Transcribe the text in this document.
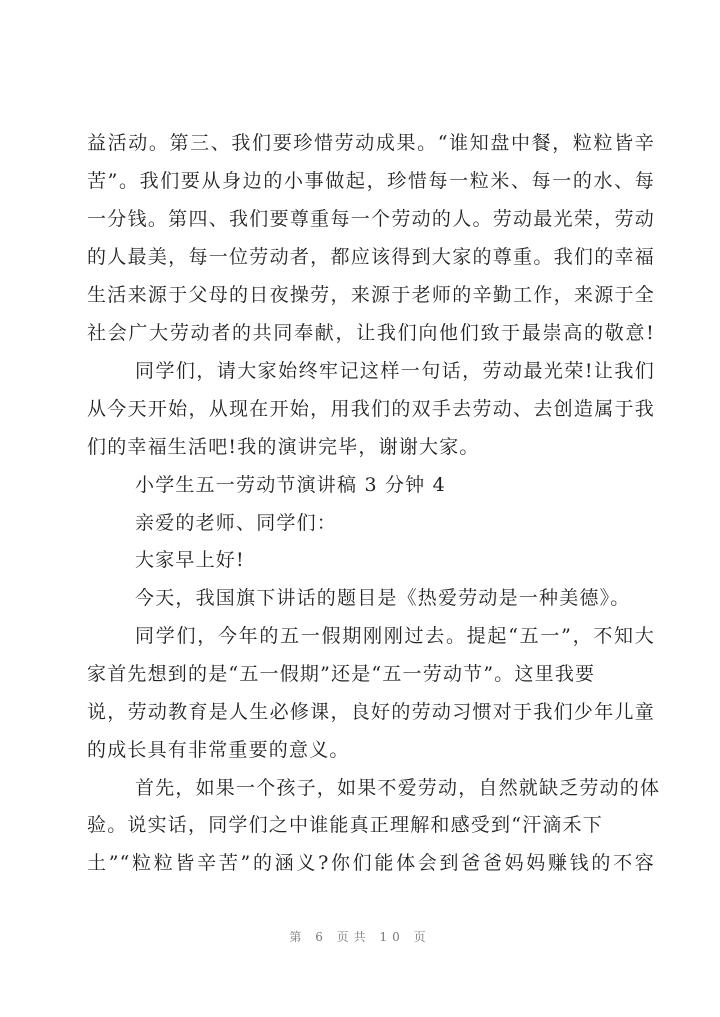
益活动。第三、我们要珍惜劳动成果。“谁知盘中餐，粒粒皆辛
苦”。我们要从身边的小事做起，珍惜每一粒米、每一的水、每
一分钱。第四、我们要尊重每一个劳动的人。劳动最光荣，劳动
的人最美，每一位劳动者，都应该得到大家的尊重。我们的幸福
生活来源于父母的日夜操劳，来源于老师的辛勤工作，来源于全
社会广大劳动者的共同奉献，让我们向他们致于最崇高的敬意!
同学们，请大家始终牢记这样一句话，劳动最光荣!让我们
从今天开始，从现在开始，用我们的双手去劳动、去创造属于我
们的幸福生活吧!我的演讲完毕，谢谢大家。
小学生五一劳动节演讲稿 3 分钟 4
亲爱的老师、同学们：
大家早上好!
今天，我国旗下讲话的题目是《热爱劳动是一种美德》。
同学们，今年的五一假期刚刚过去。提起“五一”，不知大
家首先想到的是“五一假期”还是“五一劳动节”。这里我要
说，劳动教育是人生必修课，良好的劳动习惯对于我们少年儿童
的成长具有非常重要的意义。
首先，如果一个孩子，如果不爱劳动，自然就缺乏劳动的体
验。说实话，同学们之中谁能真正理解和感受到“汗滴禾下
土”“粒粒皆辛苦”的涵义?你们能体会到爸爸妈妈赚钱的不容
第 6 页共 10 页
